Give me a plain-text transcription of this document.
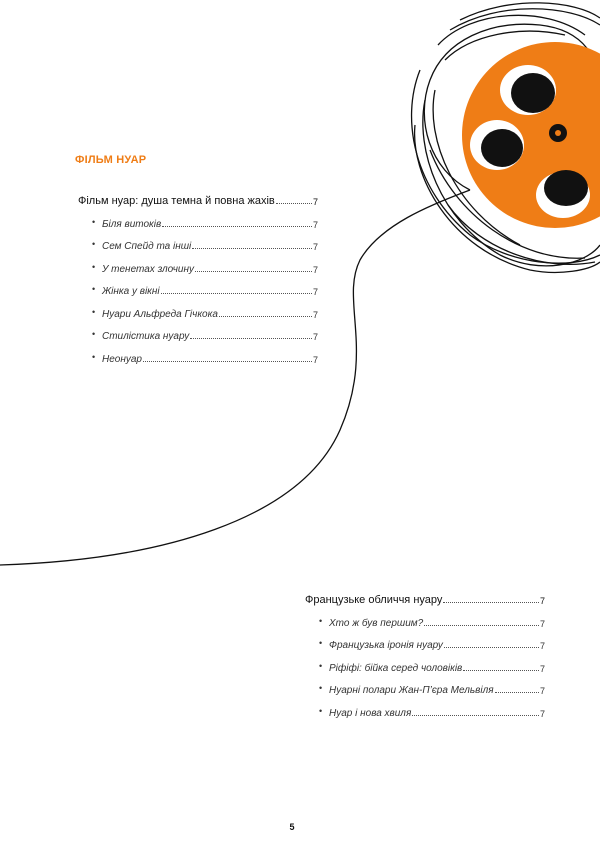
ФІЛЬМ НУАР
Фільм нуар: душа темна й повна жахів	7
• Біля витоків	7
• Сем Спейд та інші	7
• У тенетах злочину	7
• Жінка у вікні	7
• Нуари Альфреда Гічкока	7
• Стилістика нуару	7
• Неонуар	7
Французьке обличчя нуару	7
• Хто ж був першим?	7
• Французька іронія нуару	7
• Ріфіфі: бійка серед чоловіків	7
• Нуарні полари Жан-П’єра Мельвіля	7
• Нуар і нова хвиля	7
5
